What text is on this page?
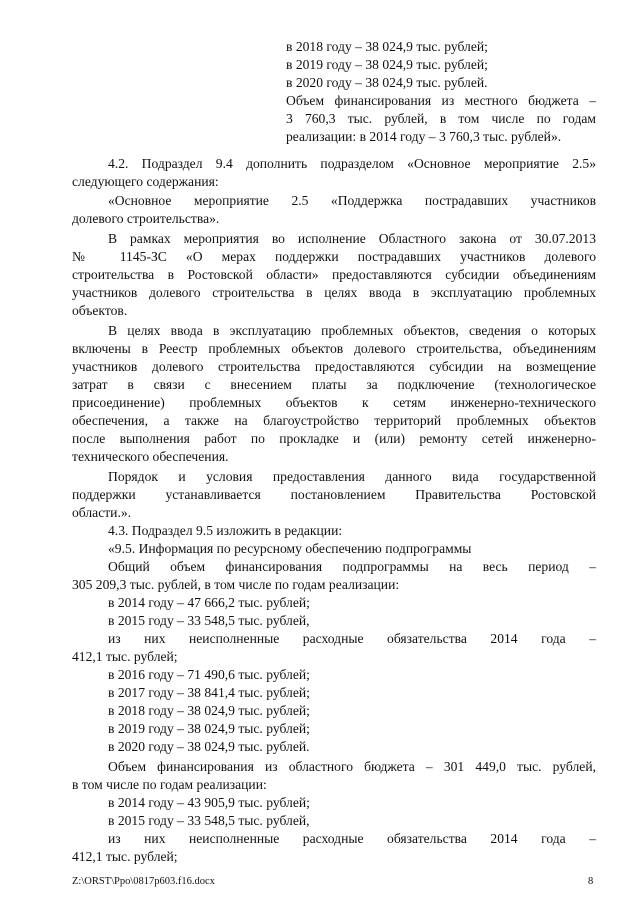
в 2018 году – 38 024,9 тыс. рублей;
в 2019 году – 38 024,9 тыс. рублей;
в 2020 году – 38 024,9 тыс. рублей.
Объем финансирования из местного бюджета –
3 760,3 тыс. рублей, в том числе по годам
реализации: в 2014 году – 3 760,3 тыс. рублей».
4.2. Подраздел 9.4 дополнить подразделом «Основное мероприятие 2.5»
следующего содержания:
«Основное мероприятие 2.5 «Поддержка пострадавших участников
долевого строительства».
В рамках мероприятия во исполнение Областного закона от 30.07.2013
№ 1145-ЗС «О мерах поддержки пострадавших участников долевого
строительства в Ростовской области» предоставляются субсидии объединениям
участников долевого строительства в целях ввода в эксплуатацию проблемных
объектов.
В целях ввода в эксплуатацию проблемных объектов, сведения о которых
включены в Реестр проблемных объектов долевого строительства, объединениям
участников долевого строительства предоставляются субсидии на возмещение
затрат в связи с внесением платы за подключение (технологическое
присоединение) проблемных объектов к сетям инженерно-технического
обеспечения, а также на благоустройство территорий проблемных объектов
после выполнения работ по прокладке и (или) ремонту сетей инженерно-
технического обеспечения.
Порядок и условия предоставления данного вида государственной
поддержки устанавливается постановлением Правительства Ростовской
области.».
4.3. Подраздел 9.5 изложить в редакции:
«9.5. Информация по ресурсному обеспечению подпрограммы
Общий объем финансирования подпрограммы на весь период –
305 209,3 тыс. рублей, в том числе по годам реализации:
в 2014 году – 47 666,2 тыс. рублей;
в 2015 году – 33 548,5 тыс. рублей,
из них неисполненные расходные обязательства 2014 года –
412,1 тыс. рублей;
в 2016 году – 71 490,6 тыс. рублей;
в 2017 году – 38 841,4 тыс. рублей;
в 2018 году – 38 024,9 тыс. рублей;
в 2019 году – 38 024,9 тыс. рублей;
в 2020 году – 38 024,9 тыс. рублей.
Объем финансирования из областного бюджета – 301 449,0 тыс. рублей,
в том числе по годам реализации:
в 2014 году – 43 905,9 тыс. рублей;
в 2015 году – 33 548,5 тыс. рублей,
из них неисполненные расходные обязательства 2014 года –
412,1 тыс. рублей;
Z:\ORST\Ppo\0817p603.f16.docx	8
